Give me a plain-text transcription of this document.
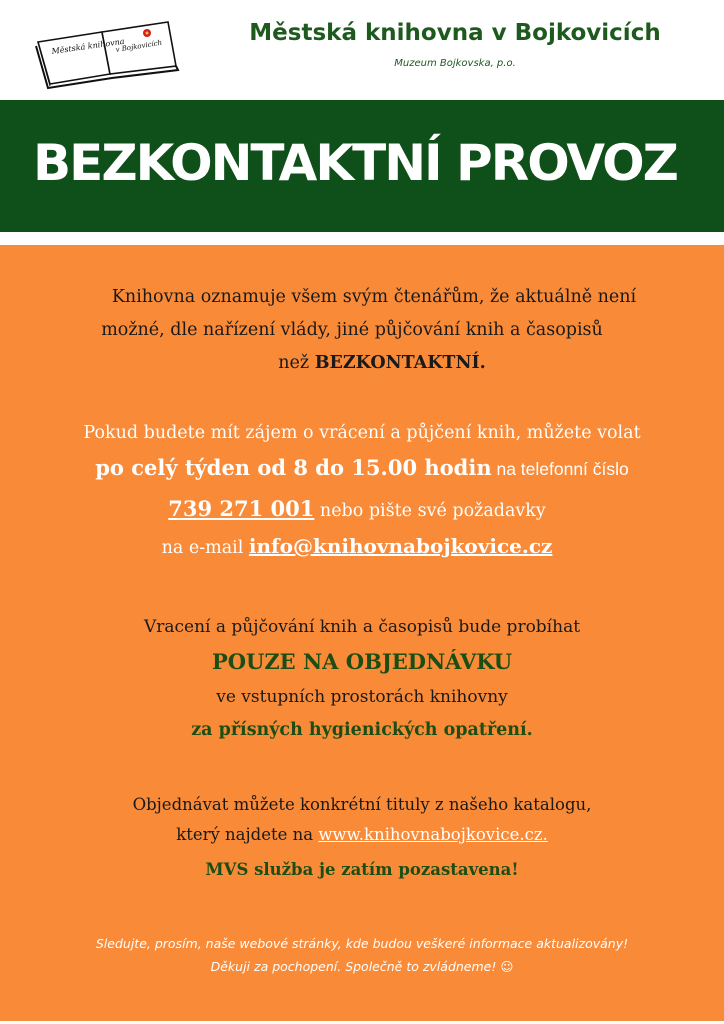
Městská knihovna
v Bojkovicích
Městská knihovna v Bojkovicích
Muzeum Bojkovska, p.o.
BEZKONTAKTNÍ PROVOZ
Knihovna oznamuje všem svým čtenářům, že aktuálně není
možné, dle nařízení vlády, jiné půjčování knih a časopisů
než BEZKONTAKTNÍ.
Pokud budete mít zájem o vrácení a půjčení knih, můžete volat
po celý týden od 8 do 15.00 hodin na telefonní číslo
739 271 001 nebo pište své požadavky
na e-mail info@knihovnabojkovice.cz
Vracení a půjčování knih a časopisů bude probíhat
POUZE NA OBJEDNÁVKU
ve vstupních prostorách knihovny
za přísných hygienických opatření.
Objednávat můžete konkrétní tituly z našeho katalogu,
který najdete na www.knihovnabojkovice.cz.
MVS služba je zatím pozastavena!
Sledujte, prosím, naše webové stránky, kde budou veškeré informace aktualizovány!
Děkuji za pochopení. Společně to zvládneme! ☺
